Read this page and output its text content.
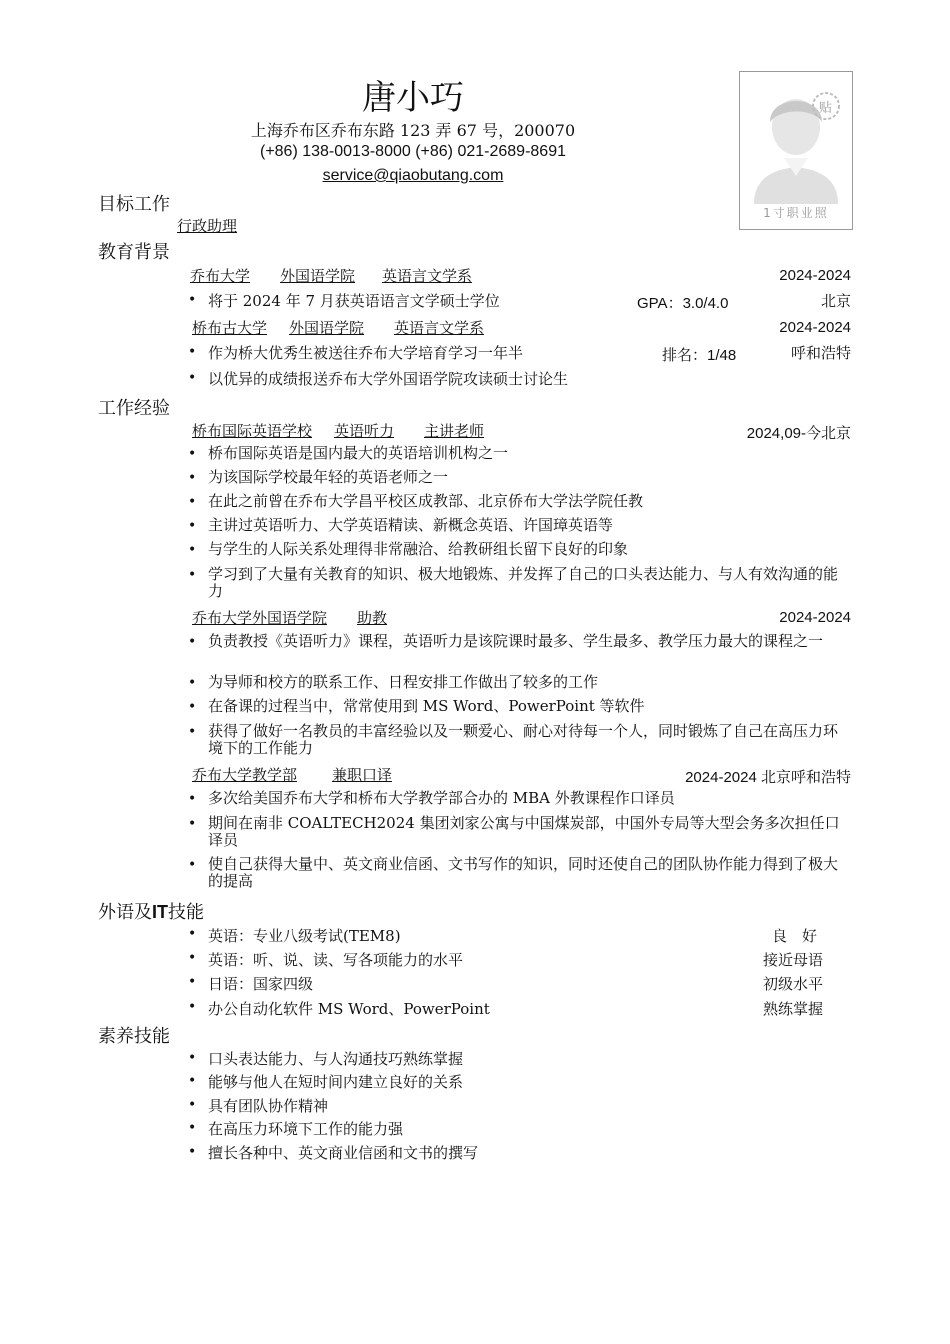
唐小巧
上海乔布区乔布东路 123 弄 67 号，200070
(+86) 138-0013-8000 (+86) 021-2689-8691
service@qiaobutang.com
贴
1寸职业照
目标工作
行政助理
教育背景
乔布大学 外国语学院 英语言文学系	2024-2024
• 将于 2024 年 7 月获英语语言文学硕士学位	GPA：3.0/4.0	北京
桥布古大学 外国语学院 英语言文学系	2024-2024
• 作为桥大优秀生被送往乔布大学培育学习一年半	排名：1/48	呼和浩特
• 以优异的成绩报送乔布大学外国语学院攻读硕士讨论生
工作经验
桥布国际英语学校 英语听力 主讲老师	2024,09-今北京
• 桥布国际英语是国内最大的英语培训机构之一
• 为该国际学校最年轻的英语老师之一
• 在此之前曾在乔布大学昌平校区成教部、北京侨布大学法学院任教
• 主讲过英语听力、大学英语精读、新概念英语、许国璋英语等
• 与学生的人际关系处理得非常融洽、给教研组长留下良好的印象
• 学习到了大量有关教育的知识、极大地锻炼、并发挥了自己的口头表达能力、与人有效沟通的能力
乔布大学外国语学院 助教	2024-2024
• 负责教授《英语听力》课程，英语听力是该院课时最多、学生最多、教学压力最大的课程之一
• 为导师和校方的联系工作、日程安排工作做出了较多的工作
• 在备课的过程当中，常常使用到 MS Word、PowerPoint 等软件
• 获得了做好一名教员的丰富经验以及一颗爱心、耐心对待每一个人，同时锻炼了自己在高压力环境下的工作能力
乔布大学教学部 兼职口译	2024-2024 北京呼和浩特
• 多次给美国乔布大学和桥布大学教学部合办的 MBA 外教课程作口译员
• 期间在南非 COALTECH2024 集团刘家公寓与中国煤炭部，中国外专局等大型会务多次担任口译员
• 使自己获得大量中、英文商业信函、文书写作的知识，同时还使自己的团队协作能力得到了极大的提高
外语及IT技能
• 英语：专业八级考试(TEM8)	良　好
• 英语：听、说、读、写各项能力的水平	接近母语
• 日语：国家四级	初级水平
• 办公自动化软件 MS Word、PowerPoint	熟练掌握
素养技能
• 口头表达能力、与人沟通技巧熟练掌握
• 能够与他人在短时间内建立良好的关系
• 具有团队协作精神
• 在高压力环境下工作的能力强
• 擅长各种中、英文商业信函和文书的撰写
